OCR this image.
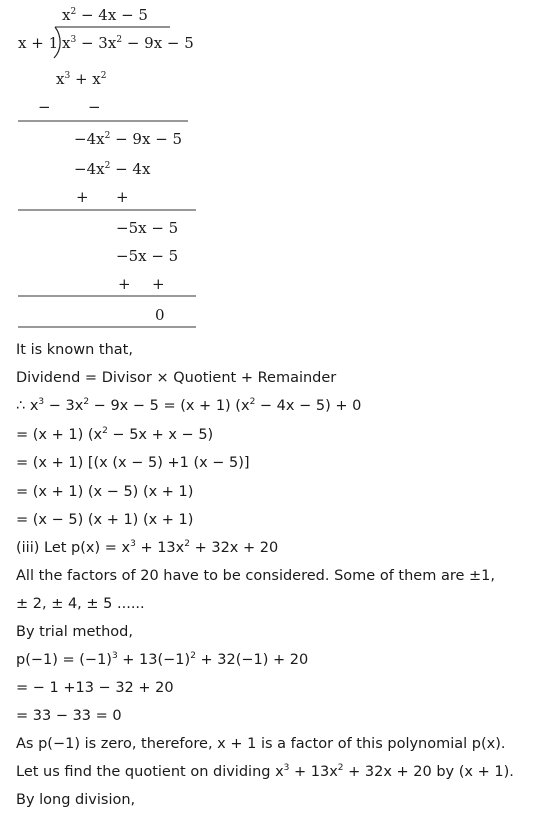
$x^2 - 4x - 5$
x + 1 $x^3 - 3x^2 - 9x - 5$
$x^3 + x^2$
− −
$-4x^2 - 9x - 5$
$-4x^2 - 4x$
+ +
−5x − 5
−5x − 5
+ +
0
It is known that,
Dividend = Divisor × Quotient + Remainder
∴ $x^3 - 3x^2 - 9x - 5 = (x + 1) (x^2 - 4x - 5) + 0$
= (x + 1) $(x^2 - 5x + x - 5)$
= (x + 1) [(x (x − 5) +1 (x − 5)]
= (x + 1) (x − 5) (x + 1)
= (x − 5) (x + 1) (x + 1)
(iii) Let $p(x) = x^3 + 13x^2 + 32x + 20$
All the factors of 20 have to be considered. Some of them are ±1,
± 2, ± 4, ± 5 ......
By trial method,
$p(-1) = (-1)^3 + 13(-1)^2 + 32(-1) + 20$
= − 1 +13 − 32 + 20
= 33 − 33 = 0
As p(−1) is zero, therefore, x + 1 is a factor of this polynomial p(x).
Let us find the quotient on dividing $x^3 + 13x^2 + 32x + 20$ by (x + 1).
By long division,
